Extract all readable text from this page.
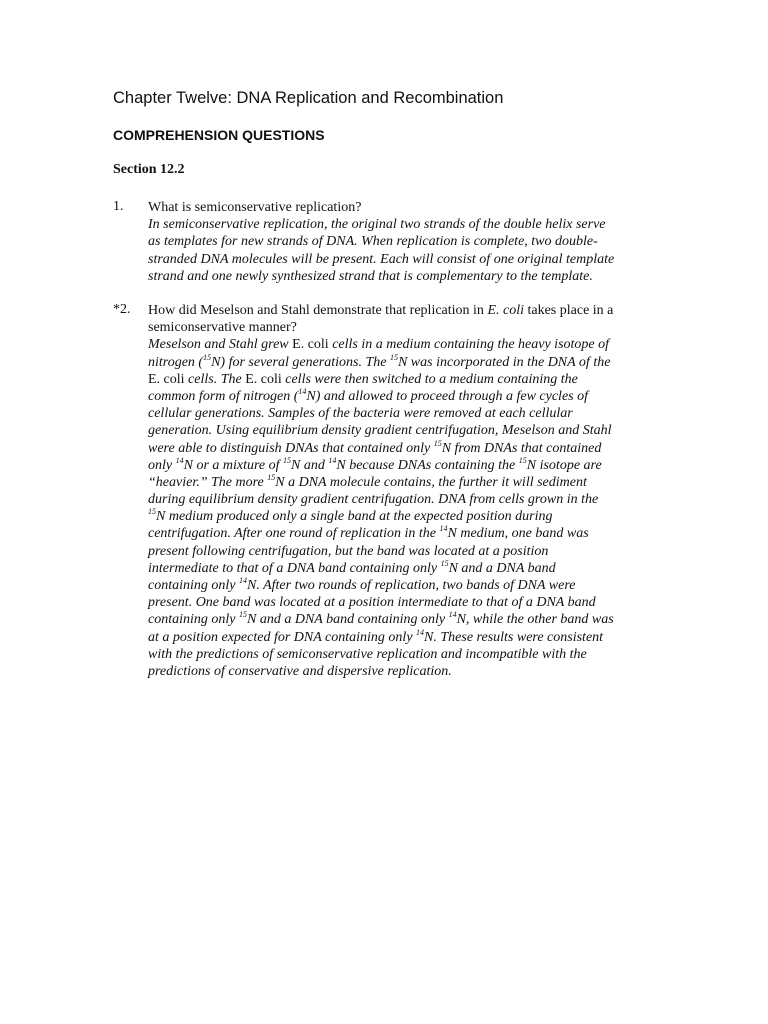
Chapter Twelve: DNA Replication and Recombination
COMPREHENSION QUESTIONS
Section 12.2
1. What is semiconservative replication?

In semiconservative replication, the original two strands of the double helix serve
as templates for new strands of DNA. When replication is complete, two double-
stranded DNA molecules will be present. Each will consist of one original template
strand and one newly synthesized strand that is complementary to the template.

*2. How did Meselson and Stahl demonstrate that replication in E. coli takes place in a
semiconservative manner?

Meselson and Stahl grew E. coli cells in a medium containing the heavy isotope of
nitrogen ($^{15}$N) for several generations. The $^{15}$N was incorporated in the DNA of the
E. coli cells. The E. coli cells were then switched to a medium containing the
common form of nitrogen ($^{14}$N) and allowed to proceed through a few cycles of
cellular generations. Samples of the bacteria were removed at each cellular
generation. Using equilibrium density gradient centrifugation, Meselson and Stahl
were able to distinguish DNAs that contained only $^{15}$N from DNAs that contained
only $^{14}$N or a mixture of $^{15}$N and $^{14}$N because DNAs containing the $^{15}$N isotope are
“heavier.” The more $^{15}$N a DNA molecule contains, the further it will sediment
during equilibrium density gradient centrifugation. DNA from cells grown in the
$^{15}$N medium produced only a single band at the expected position during
centrifugation. After one round of replication in the $^{14}$N medium, one band was
present following centrifugation, but the band was located at a position
intermediate to that of a DNA band containing only $^{15}$N and a DNA band
containing only $^{14}$N. After two rounds of replication, two bands of DNA were
present. One band was located at a position intermediate to that of a DNA band
containing only $^{15}$N and a DNA band containing only $^{14}$N, while the other band was
at a position expected for DNA containing only $^{14}$N. These results were consistent
with the predictions of semiconservative replication and incompatible with the
predictions of conservative and dispersive replication.
